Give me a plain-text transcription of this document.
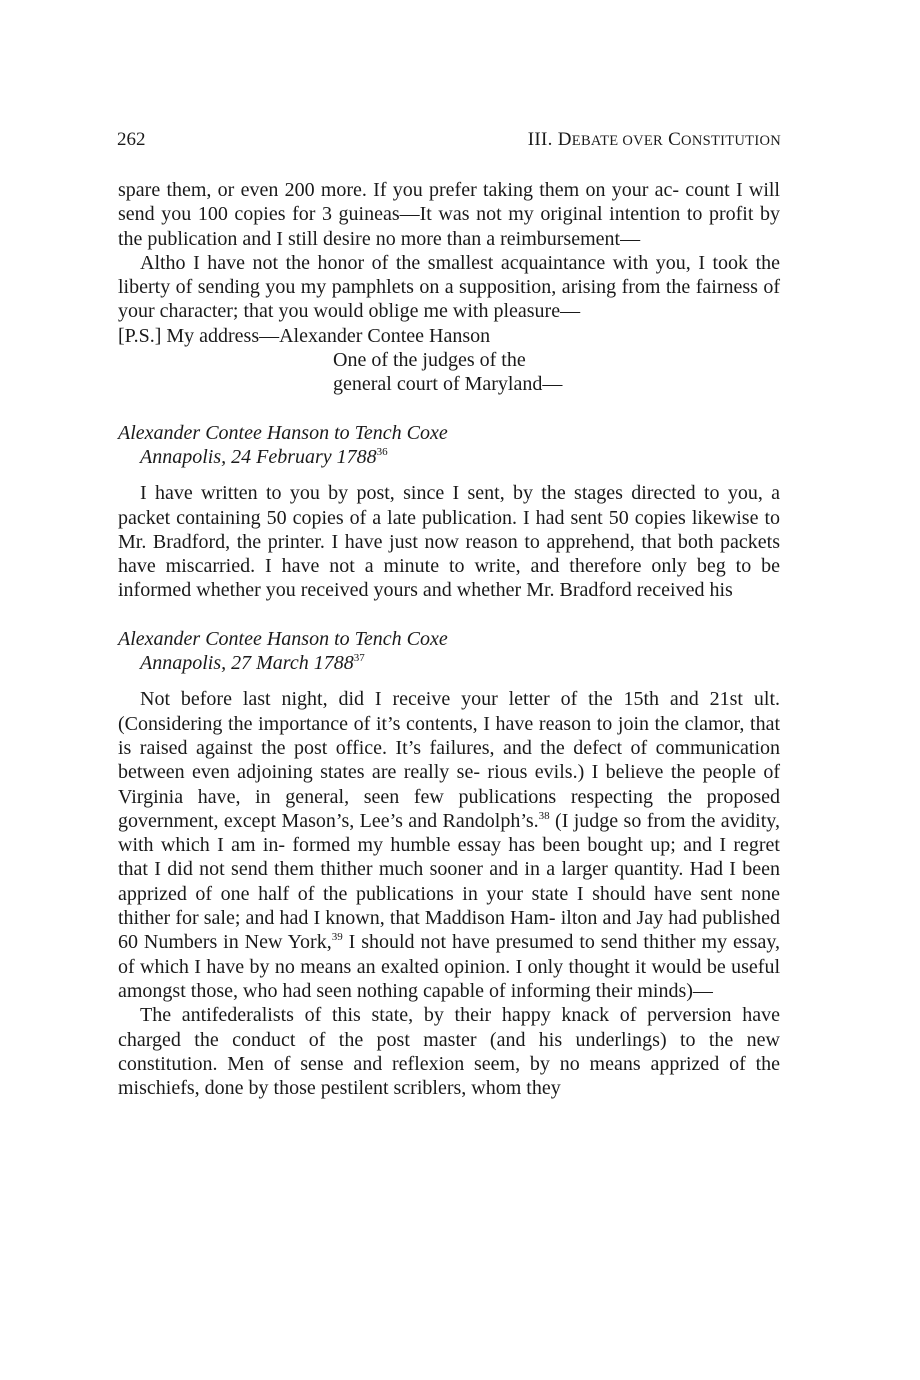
262	III. DEBATE OVER CONSTITUTION

spare them, or even 200 more. If you prefer taking them on your ac- count I will send you 100 copies for 3 guineas—It was not my original intention to profit by the publication and I still desire no more than a reimbursement—

Altho I have not the honor of the smallest acquaintance with you, I took the liberty of sending you my pamphlets on a supposition, arising from the fairness of your character; that you would oblige me with pleasure—

[P.S.] My address—Alexander Contee Hanson
One of the judges of the
general court of Maryland—
Alexander Contee Hanson to Tench Coxe
Annapolis, 24 February 1788$^{36}$

I have written to you by post, since I sent, by the stages directed to you, a packet containing 50 copies of a late publication. I had sent 50 copies likewise to Mr. Bradford, the printer. I have just now reason to apprehend, that both packets have miscarried. I have not a minute to write, and therefore only beg to be informed whether you received yours and whether Mr. Bradford received his

Alexander Contee Hanson to Tench Coxe
Annapolis, 27 March 1788$^{37}$

Not before last night, did I receive your letter of the 15th and 21st ult. (Considering the importance of it’s contents, I have reason to join the clamor, that is raised against the post office. It’s failures, and the defect of communication between even adjoining states are really se- rious evils.) I believe the people of Virginia have, in general, seen few publications respecting the proposed government, except Mason’s, Lee’s and Randolph’s.$^{38}$ (I judge so from the avidity, with which I am in- formed my humble essay has been bought up; and I regret that I did not send them thither much sooner and in a larger quantity. Had I been apprized of one half of the publications in your state I should have sent none thither for sale; and had I known, that Maddison Ham- ilton and Jay had published 60 Numbers in New York,$^{39}$ I should not have presumed to send thither my essay, of which I have by no means an exalted opinion. I only thought it would be useful amongst those, who had seen nothing capable of informing their minds)—

The antifederalists of this state, by their happy knack of perversion have charged the conduct of the post master (and his underlings) to the new constitution. Men of sense and reflexion seem, by no means apprized of the mischiefs, done by those pestilent scriblers, whom they
